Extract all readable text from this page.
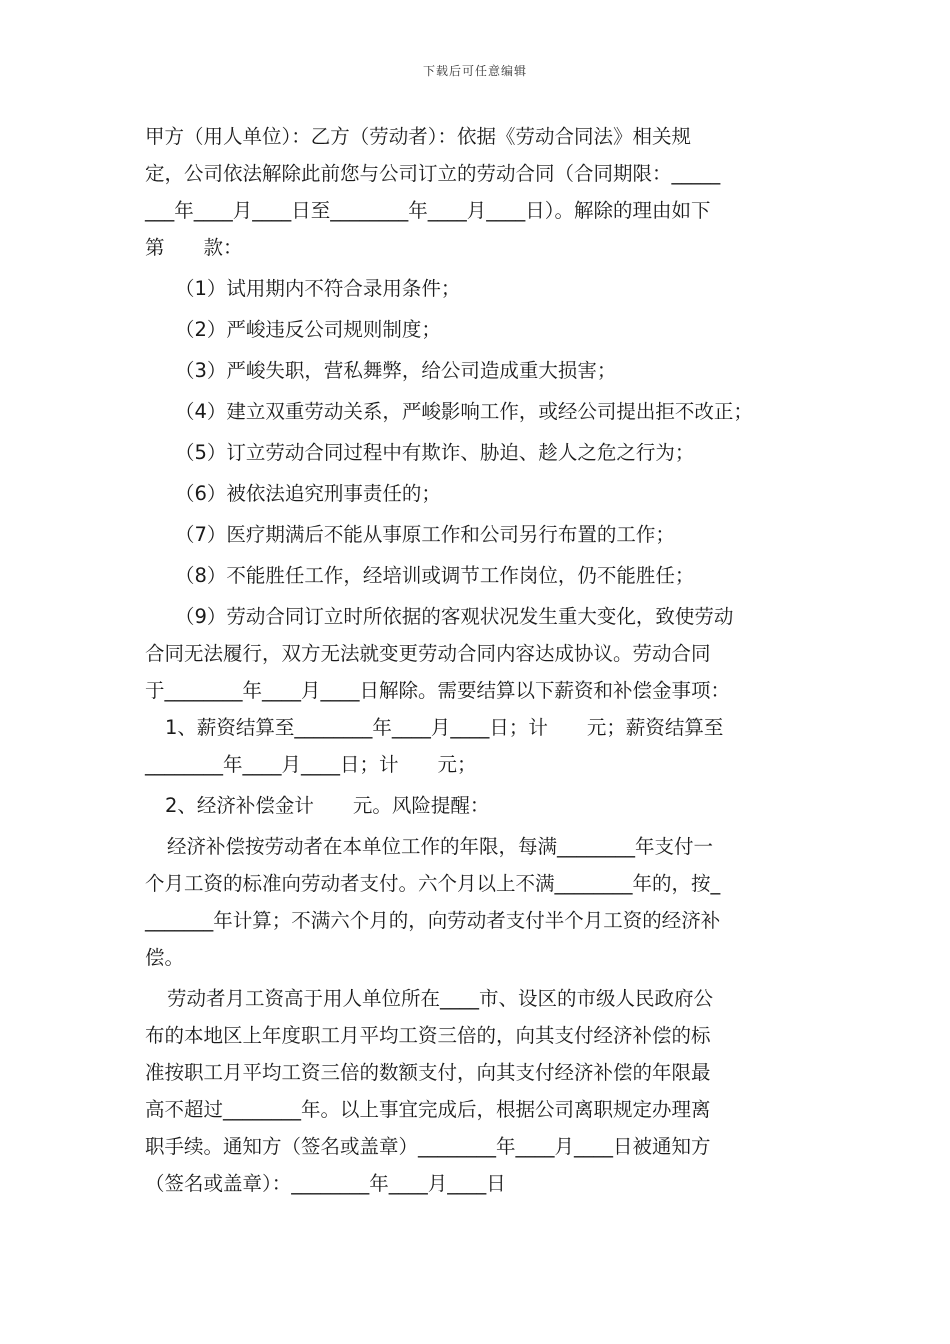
下载后可任意编辑
甲方（用人单位）：乙方（劳动者）：依据《劳动合同法》相关规
定，公司依法解除此前您与公司订立的劳动合同（合同期限：_____
___年____月____日至________年____月____日）。解除的理由如下
第　　款：
（1）试用期内不符合录用条件；
（2）严峻违反公司规则制度；
（3）严峻失职，营私舞弊，给公司造成重大损害；
（4）建立双重劳动关系，严峻影响工作，或经公司提出拒不改正；
（5）订立劳动合同过程中有欺诈、胁迫、趁人之危之行为；
（6）被依法追究刑事责任的；
（7）医疗期满后不能从事原工作和公司另行布置的工作；
（8）不能胜任工作，经培训或调节工作岗位，仍不能胜任；
（9）劳动合同订立时所依据的客观状况发生重大变化，致使劳动
合同无法履行，双方无法就变更劳动合同内容达成协议。劳动合同
于________年____月____日解除。需要结算以下薪资和补偿金事项：
1、薪资结算至________年____月____日；计　　元；薪资结算至
________年____月____日；计　　元；
2、经济补偿金计　　元。风险提醒：
经济补偿按劳动者在本单位工作的年限，每满________年支付一
个月工资的标准向劳动者支付。六个月以上不满________年的，按_
_______年计算；不满六个月的，向劳动者支付半个月工资的经济补
偿。
劳动者月工资高于用人单位所在____市、设区的市级人民政府公
布的本地区上年度职工月平均工资三倍的，向其支付经济补偿的标
准按职工月平均工资三倍的数额支付，向其支付经济补偿的年限最
高不超过________年。以上事宜完成后，根据公司离职规定办理离
职手续。通知方（签名或盖章）________年____月____日被通知方
（签名或盖章）：________年____月____日
